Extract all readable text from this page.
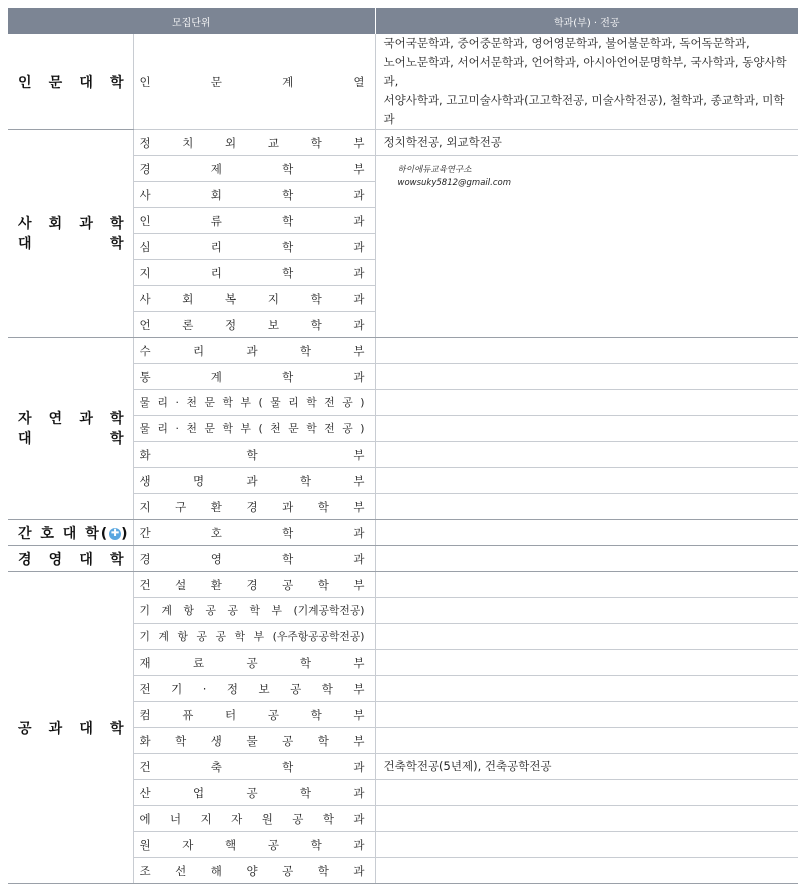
모집단위		학과(부) · 전공

인 문 대 학	인 문 계 열	국어국문학과, 중어중문학과, 영어영문학과, 불어불문학과, 독어독문학과,
노어노문학과, 서어서문학과, 언어학과, 아시아언어문명학부, 국사학과, 동양사학과,
서양사학과, 고고미술사학과(고고학전공, 미술사학전공), 철학과, 종교학과, 미학과

사 회 과 학
대 학	정 치 외 교 학 부	정치학전공, 외교학전공

	경 제 학 부	하이에듀교육연구소
wowsuky5812@gmail.com

	사 회 학 과	

	인 류 학 과	

	심 리 학 과	

	지 리 학 과	

	사 회 복 지 학 과	

	언 론 정 보 학 과	

자 연 과 학
대 학	수 리 과 학 부	

	통 계 학 과	

	물 리 · 천 문 학 부 ( 물 리 학 전 공 )	

	물 리 · 천 문 학 부 ( 천 문 학 전 공 )	

	화 학 부	

	생 명 과 학 부	

	지 구 환 경 과 학 부	

간 호 대 학( ✚ )	간 호 학 과	

경 영 대 학	경 영 학 과	

공 과 대 학	건 설 환 경 공 학 부	

	기 계 항 공 공 학 부 (기계공학전공)	

	기 계 항 공 공 학 부 (우주항공공학전공)	

	재 료 공 학 부	

	전 기 · 정 보 공 학 부	

	컴 퓨 터 공 학 부	

	화 학 생 물 공 학 부	

	건 축 학 과	건축학전공(5년제), 건축공학전공

	산 업 공 학 과	

	에 너 지 자 원 공 학 과	

	원 자 핵 공 학 과	

	조 선 해 양 공 학 과	
